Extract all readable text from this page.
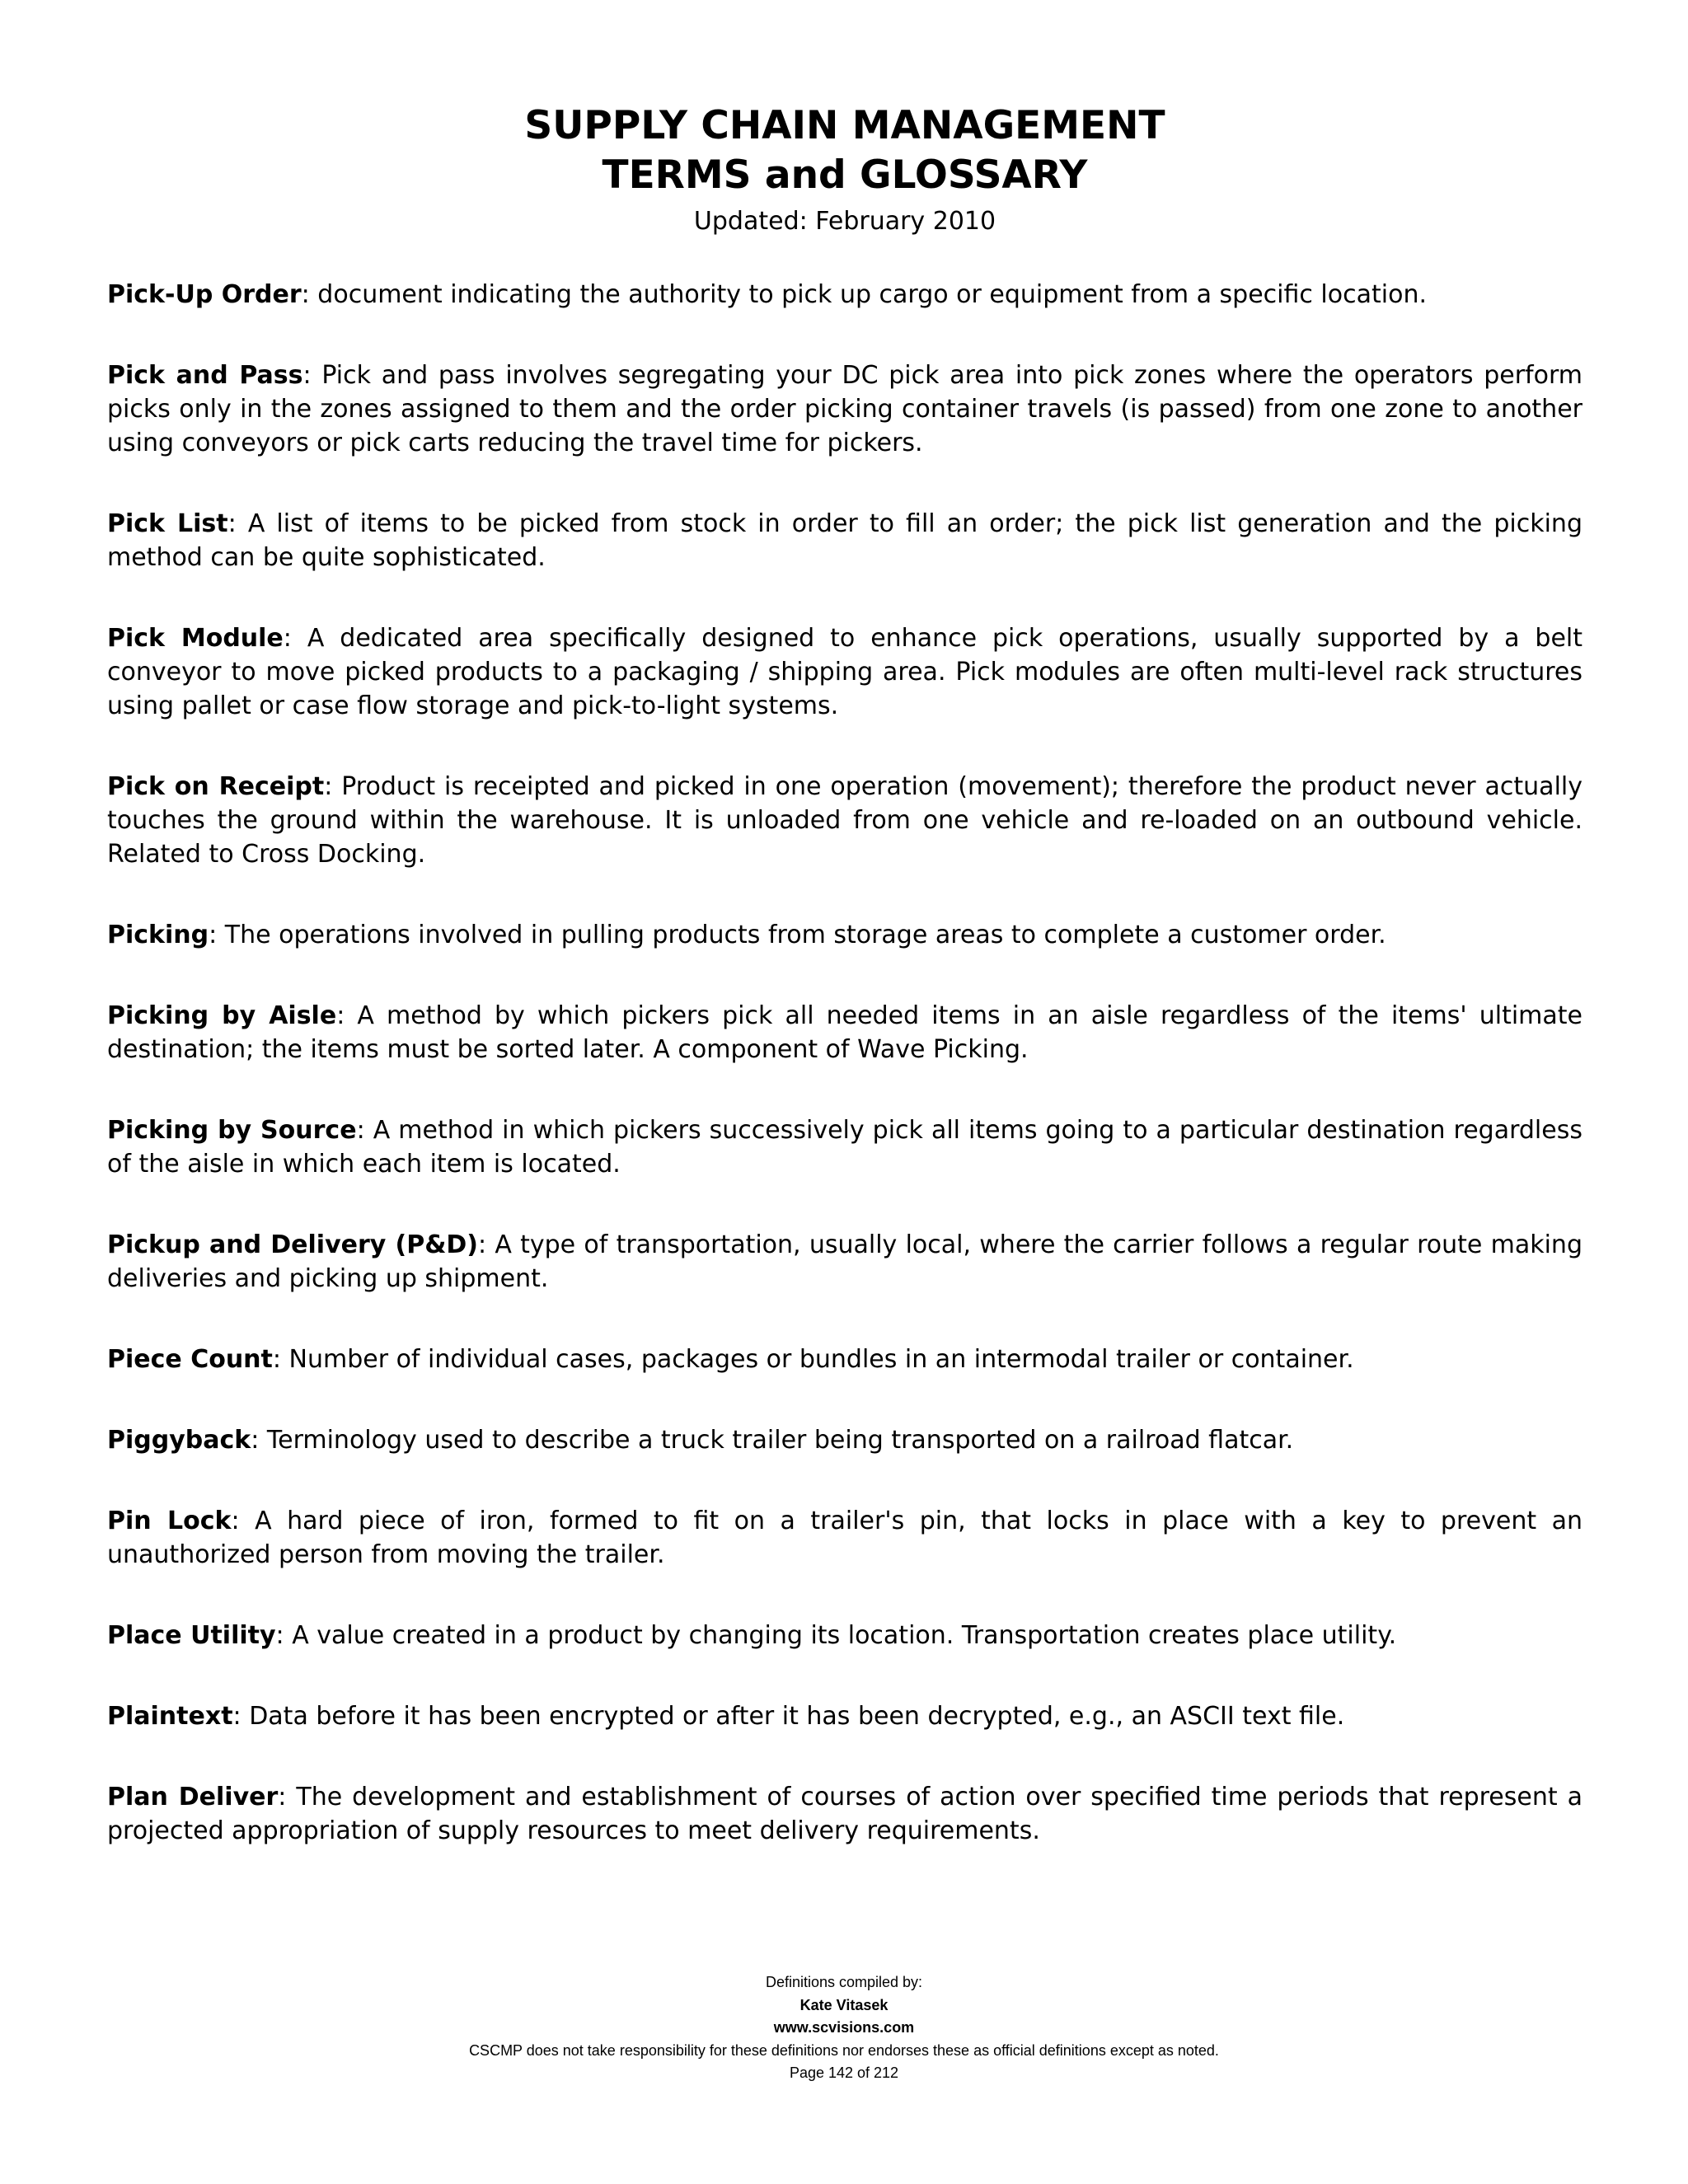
SUPPLY CHAIN MANAGEMENT
TERMS and GLOSSARY
Updated: February 2010

Pick-Up Order: document indicating the authority to pick up cargo or equipment from a specific location.

Pick and Pass: Pick and pass involves segregating your DC pick area into pick zones where the operators perform picks only in the zones assigned to them and the order picking container travels (is passed) from one zone to another using conveyors or pick carts reducing the travel time for pickers.

Pick List: A list of items to be picked from stock in order to fill an order; the pick list generation and the picking method can be quite sophisticated.

Pick Module: A dedicated area specifically designed to enhance pick operations, usually supported by a belt conveyor to move picked products to a packaging / shipping area. Pick modules are often multi-level rack structures using pallet or case flow storage and pick-to-light systems.

Pick on Receipt: Product is receipted and picked in one operation (movement); therefore the product never actually touches the ground within the warehouse. It is unloaded from one vehicle and re-loaded on an outbound vehicle. Related to Cross Docking.

Picking: The operations involved in pulling products from storage areas to complete a customer order.

Picking by Aisle: A method by which pickers pick all needed items in an aisle regardless of the items' ultimate destination; the items must be sorted later. A component of Wave Picking.

Picking by Source: A method in which pickers successively pick all items going to a particular destination regardless of the aisle in which each item is located.

Pickup and Delivery (P&D): A type of transportation, usually local, where the carrier follows a regular route making deliveries and picking up shipment.

Piece Count: Number of individual cases, packages or bundles in an intermodal trailer or container.

Piggyback: Terminology used to describe a truck trailer being transported on a railroad flatcar.

Pin Lock: A hard piece of iron, formed to fit on a trailer's pin, that locks in place with a key to prevent an unauthorized person from moving the trailer.

Place Utility: A value created in a product by changing its location. Transportation creates place utility.

Plaintext: Data before it has been encrypted or after it has been decrypted, e.g., an ASCII text file.

Plan Deliver: The development and establishment of courses of action over specified time periods that represent a projected appropriation of supply resources to meet delivery requirements.

Definitions compiled by:
Kate Vitasek
www.scvisions.com
CSCMP does not take responsibility for these definitions nor endorses these as official definitions except as noted.
Page 142 of 212
